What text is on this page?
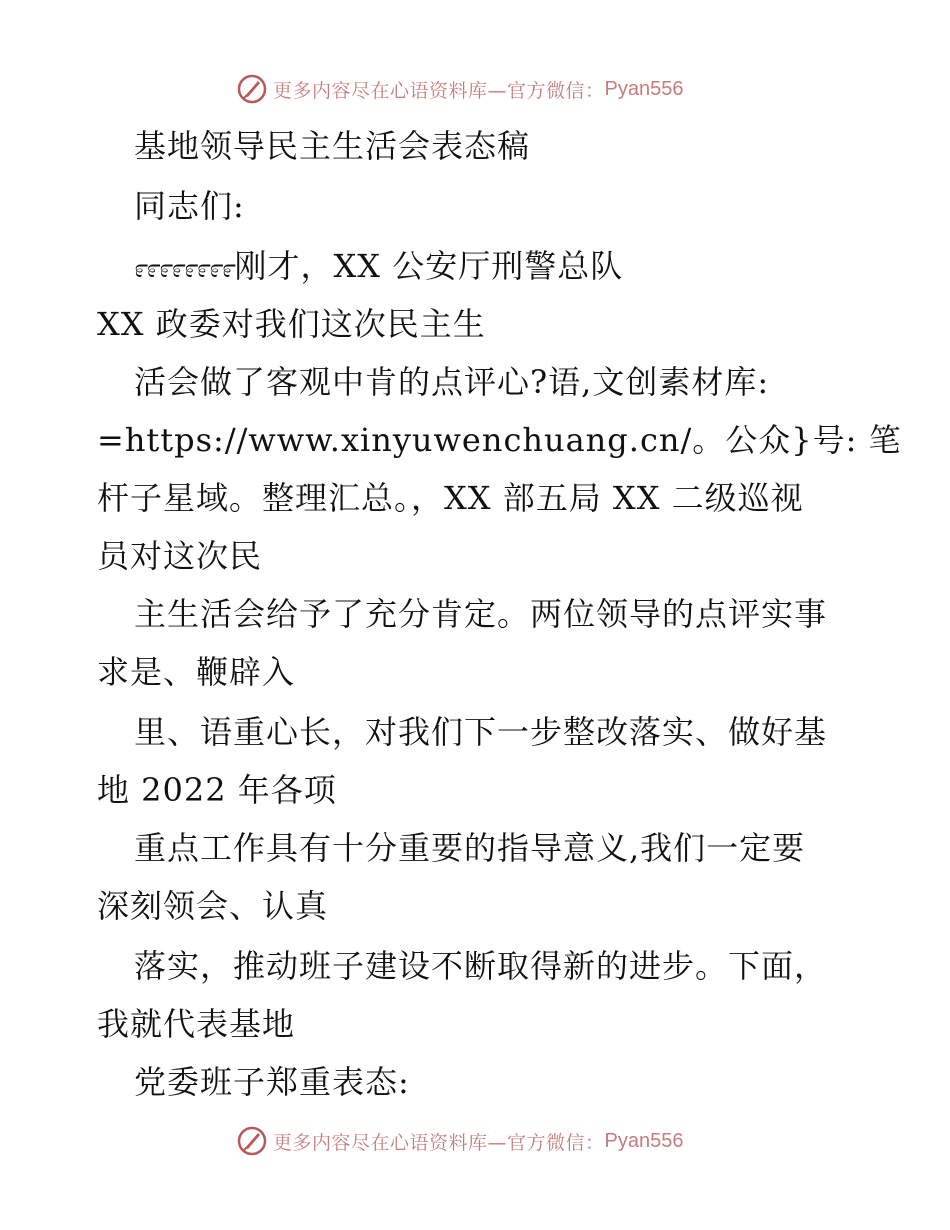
更多内容尽在心语资料库—官方微信： Pyan556
基地领导民主生活会表态稿
同志们:
೯೯೯೯೯೯೯೯刚才，XX 公安厅刑警总队
XX 政委对我们这次民主生
活会做了客观中肯的点评心?语,文创素材库:
=https://www.xinyuwenchuang.cn/。公众}号: 笔
杆子星域。整理汇总。，XX 部五局 XX 二级巡视
员对这次民
主生活会给予了充分肯定。两位领导的点评实事
求是、鞭辟入
里、语重心长，对我们下一步整改落实、做好基
地 2022 年各项
重点工作具有十分重要的指导意义,我们一定要
深刻领会、认真
落实，推动班子建设不断取得新的进步。下面，
我就代表基地
党委班子郑重表态:
更多内容尽在心语资料库—官方微信： Pyan556
